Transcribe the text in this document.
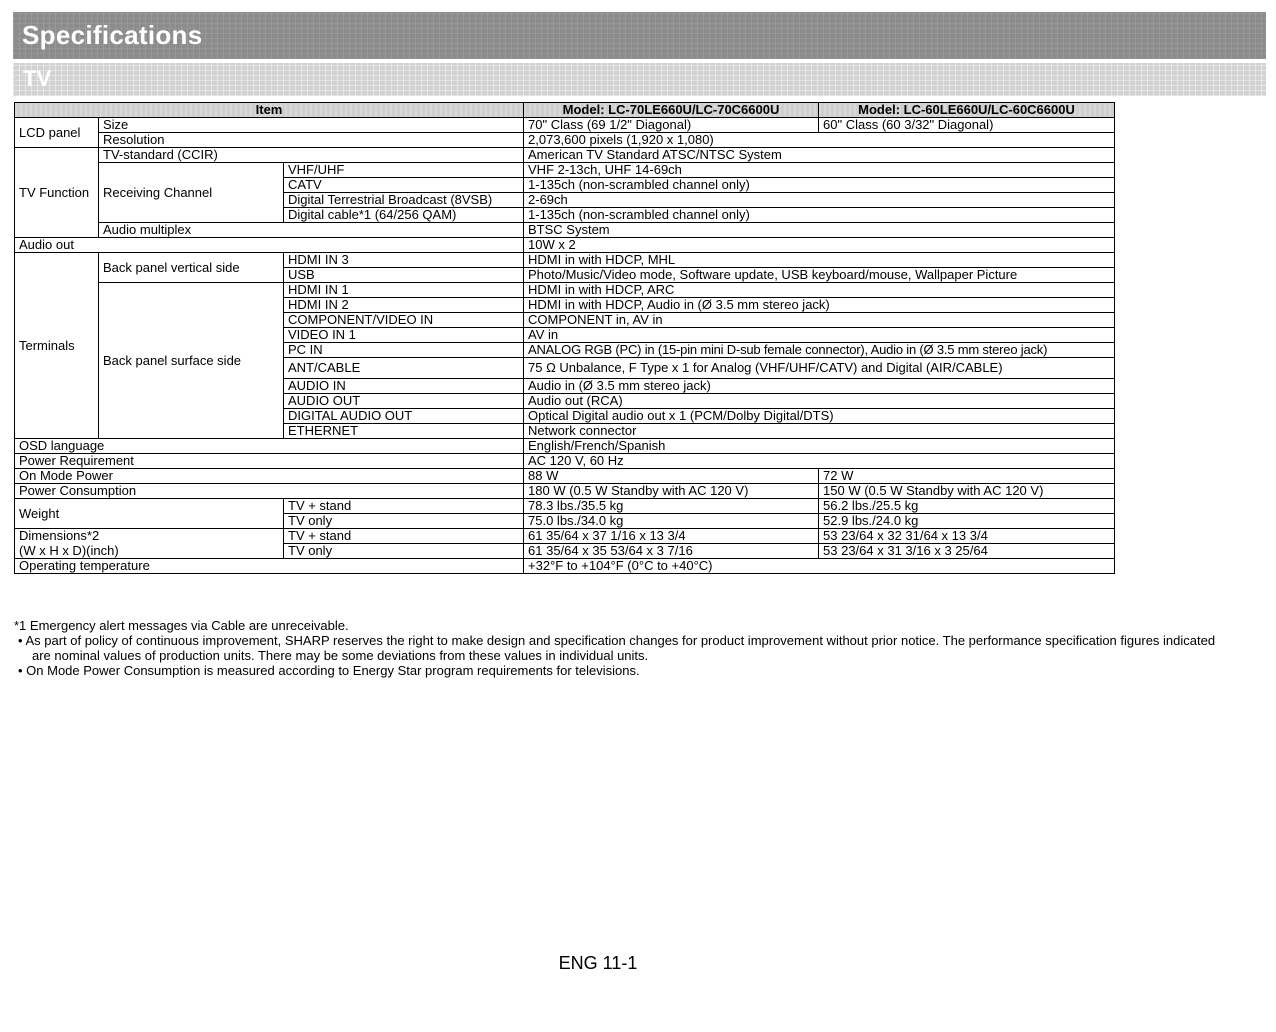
Specifications
TV
Item			Model: LC-70LE660U/LC-70C6600U	Model: LC-60LE660U/LC-60C6600U
LCD panel	Size		70" Class (69 1/2" Diagonal)	60" Class (60 3/32" Diagonal)
	Resolution		2,073,600 pixels (1,920 x 1,080)	
TV Function	TV-standard (CCIR)		American TV Standard ATSC/NTSC System	
	Receiving Channel	VHF/UHF	VHF 2-13ch, UHF 14-69ch	
		CATV	1-135ch (non-scrambled channel only)	
		Digital Terrestrial Broadcast (8VSB)	2-69ch	
		Digital cable*1 (64/256 QAM)	1-135ch (non-scrambled channel only)	
	Audio multiplex		BTSC System	
Audio out			10W x 2	
Terminals	Back panel vertical side	HDMI IN 3	HDMI in with HDCP, MHL	
		USB	Photo/Music/Video mode, Software update, USB keyboard/mouse, Wallpaper Picture	
	Back panel surface side	HDMI IN 1	HDMI in with HDCP, ARC	
		HDMI IN 2	HDMI in with HDCP, Audio in (Ø 3.5 mm stereo jack)	
		COMPONENT/VIDEO IN	COMPONENT in, AV in	
		VIDEO IN 1	AV in	
		PC IN	ANALOG RGB (PC) in (15-pin mini D-sub female connector), Audio in (Ø 3.5 mm stereo jack)	
		ANT/CABLE	75 Ω Unbalance, F Type x 1 for Analog (VHF/UHF/CATV) and Digital (AIR/CABLE)	
		AUDIO IN	Audio in (Ø 3.5 mm stereo jack)	
		AUDIO OUT	Audio out (RCA)	
		DIGITAL AUDIO OUT	Optical Digital audio out x 1 (PCM/Dolby Digital/DTS)	
		ETHERNET	Network connector	
OSD language			English/French/Spanish	
Power Requirement			AC 120 V, 60 Hz	
On Mode Power			88 W	72 W
Power Consumption			180 W (0.5 W Standby with AC 120 V)	150 W (0.5 W Standby with AC 120 V)
Weight		TV + stand	78.3 lbs./35.5 kg	56.2 lbs./25.5 kg
		TV only	75.0 lbs./34.0 kg	52.9 lbs./24.0 kg
Dimensions*2		TV + stand	61 35/64 x 37 1/16 x 13 3/4	53 23/64 x 32 31/64 x 13 3/4
(W x H x D)(inch)		TV only	61 35/64 x 35 53/64 x 3 7/16	53 23/64 x 31 3/16 x 3 25/64
Operating temperature			+32°F to +104°F (0°C to +40°C)	

*1 Emergency alert messages via Cable are unreceivable.

• As part of policy of continuous improvement, SHARP reserves the right to make design and specification changes for product improvement without prior notice. The performance specification figures indicated are nominal values of production units. There may be some deviations from these values in individual units.

• On Mode Power Consumption is measured according to Energy Star program requirements for televisions.

ENG 11-1
